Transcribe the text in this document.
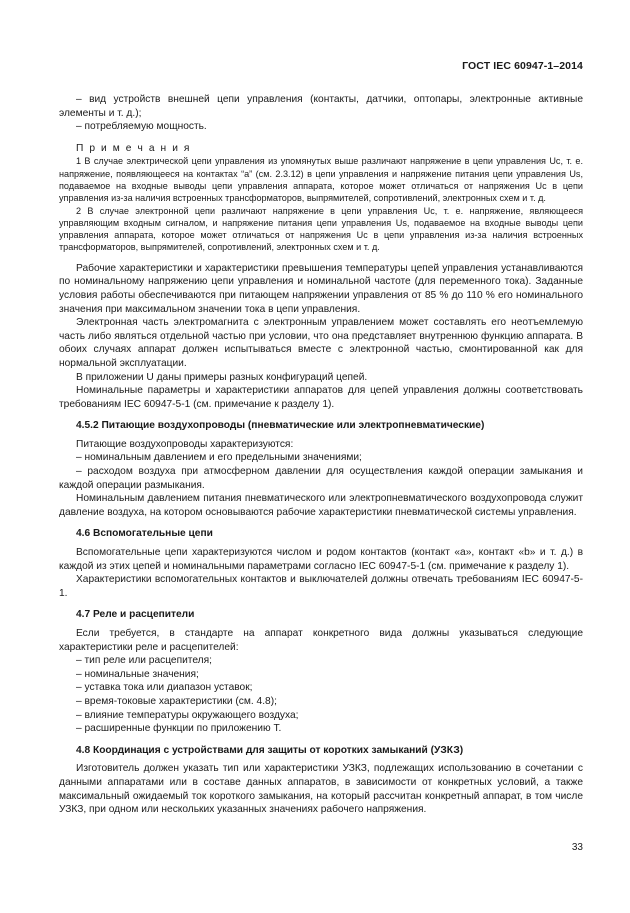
ГОСТ IEC 60947-1–2014

– вид устройств внешней цепи управления (контакты, датчики, оптопары, электронные активные элементы и т. д.);

– потребляемую мощность.

П р и м е ч а н и я

1 В случае электрической цепи управления из упомянутых выше различают напряжение в цепи управления Uc, т. е. напряжение, появляющееся на контактах “a” (см. 2.3.12) в цепи управления и напряжение питания цепи управления Us, подаваемое на входные выводы цепи управления аппарата, которое может отличаться от напряжения Uc в цепи управления из-за наличия встроенных трансформаторов, выпрямителей, сопротивлений, электронных схем и т. д.

2 В случае электронной цепи различают напряжение в цепи управления Uc, т. е. напряжение, являющееся управляющим входным сигналом, и напряжение питания цепи управления Us, подаваемое на входные выводы цепи управления аппарата, которое может отличаться от напряжения Uc в цепи управления из-за наличия встроенных трансформаторов, выпрямителей, сопротивлений, электронных схем и т. д.

Рабочие характеристики и характеристики превышения температуры цепей управления устанавливаются по номинальному напряжению цепи управления и номинальной частоте (для переменного тока). Заданные условия работы обеспечиваются при питающем напряжении управления от 85 % до 110 % его номинального значения при максимальном значении тока в цепи управления.

Электронная часть электромагнита с электронным управлением может составлять его неотъемлемую часть либо являться отдельной частью при условии, что она представляет внутреннюю функцию аппарата. В обоих случаях аппарат должен испытываться вместе с электронной частью, смонтированной как для нормальной эксплуатации.

В приложении U даны примеры разных конфигураций цепей.

Номинальные параметры и характеристики аппаратов для цепей управления должны соответствовать требованиям IEC 60947-5-1 (см. примечание к разделу 1).

4.5.2 Питающие воздухопроводы (пневматические или электропневматические)

Питающие воздухопроводы характеризуются:

– номинальным давлением и его предельными значениями;

– расходом воздуха при атмосферном давлении для осуществления каждой операции замыкания и каждой операции размыкания.

Номинальным давлением питания пневматического или электропневматического воздухопровода служит давление воздуха, на котором основываются рабочие характеристики пневматической системы управления.

4.6 Вспомогательные цепи

Вспомогательные цепи характеризуются числом и родом контактов (контакт «а», контакт «b» и т. д.) в каждой из этих цепей и номинальными параметрами согласно IEC 60947-5-1 (см. примечание к разделу 1).

Характеристики вспомогательных контактов и выключателей должны отвечать требованиям IEC 60947-5-1.

4.7 Реле и расцепители

Если требуется, в стандарте на аппарат конкретного вида должны указываться следующие характеристики реле и расцепителей:

– тип реле или расцепителя;

– номинальные значения;

– уставка тока или диапазон уставок;

– время-токовые характеристики (см. 4.8);

– влияние температуры окружающего воздуха;

– расширенные функции по приложению Т.

4.8 Координация с устройствами для защиты от коротких замыканий (УЗКЗ)

Изготовитель должен указать тип или характеристики УЗКЗ, подлежащих использованию в сочетании с данными аппаратами или в составе данных аппаратов, в зависимости от конкретных условий, а также максимальный ожидаемый ток короткого замыкания, на который рассчитан конкретный аппарат, в том числе УЗКЗ, при одном или нескольких указанных значениях рабочего напряжения.

33
